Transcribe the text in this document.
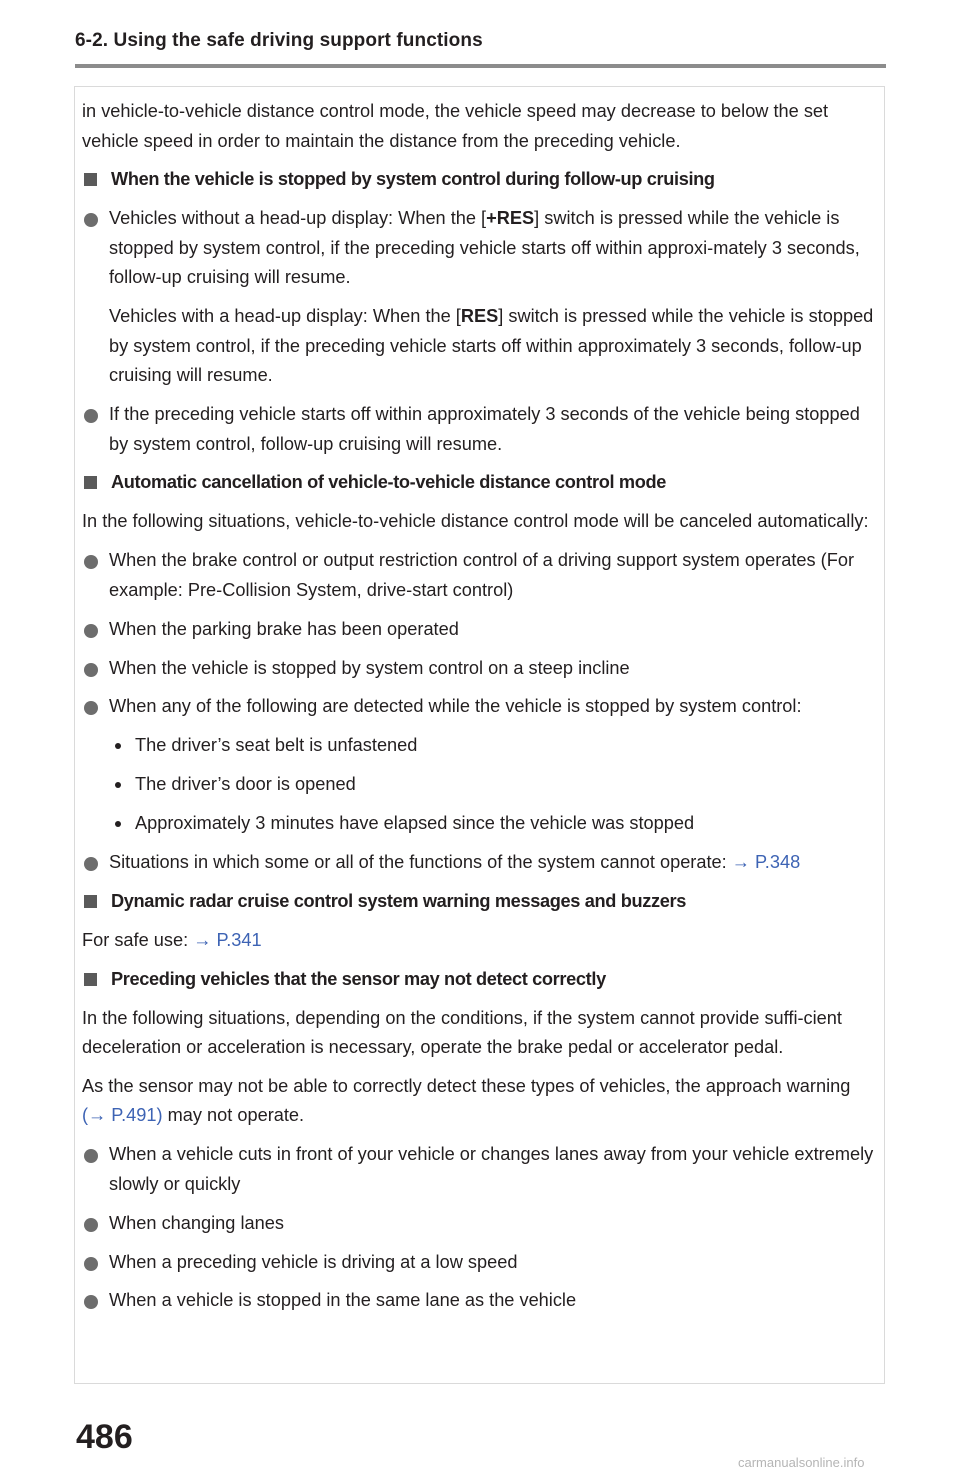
6-2. Using the safe driving support functions

in vehicle-to-vehicle distance control mode, the vehicle speed may decrease to below the set vehicle speed in order to maintain the distance from the preceding vehicle.

When the vehicle is stopped by system control during follow-up cruising
Vehicles without a head-up display: When the [+RES] switch is pressed while the vehicle is stopped by system control, if the preceding vehicle starts off within approxi-mately 3 seconds, follow-up cruising will resume.
Vehicles with a head-up display: When the [RES] switch is pressed while the vehicle is stopped by system control, if the preceding vehicle starts off within approximately 3 seconds, follow-up cruising will resume.
If the preceding vehicle starts off within approximately 3 seconds of the vehicle being stopped by system control, follow-up cruising will resume.
Automatic cancellation of vehicle-to-vehicle distance control mode

In the following situations, vehicle-to-vehicle distance control mode will be canceled automatically:

When the brake control or output restriction control of a driving support system operates (For example: Pre-Collision System, drive-start control)
When the parking brake has been operated
When the vehicle is stopped by system control on a steep incline
When any of the following are detected while the vehicle is stopped by system control:
The driver’s seat belt is unfastened
The driver’s door is opened
Approximately 3 minutes have elapsed since the vehicle was stopped
Situations in which some or all of the functions of the system cannot operate: → P.348
Dynamic radar cruise control system warning messages and buzzers

For safe use: → P.341

Preceding vehicles that the sensor may not detect correctly

In the following situations, depending on the conditions, if the system cannot provide suffi-cient deceleration or acceleration is necessary, operate the brake pedal or accelerator pedal.

As the sensor may not be able to correctly detect these types of vehicles, the approach warning (→ P.491) may not operate.

When a vehicle cuts in front of your vehicle or changes lanes away from your vehicle extremely slowly or quickly
When changing lanes
When a preceding vehicle is driving at a low speed
When a vehicle is stopped in the same lane as the vehicle
486
carmanualsonline.info
